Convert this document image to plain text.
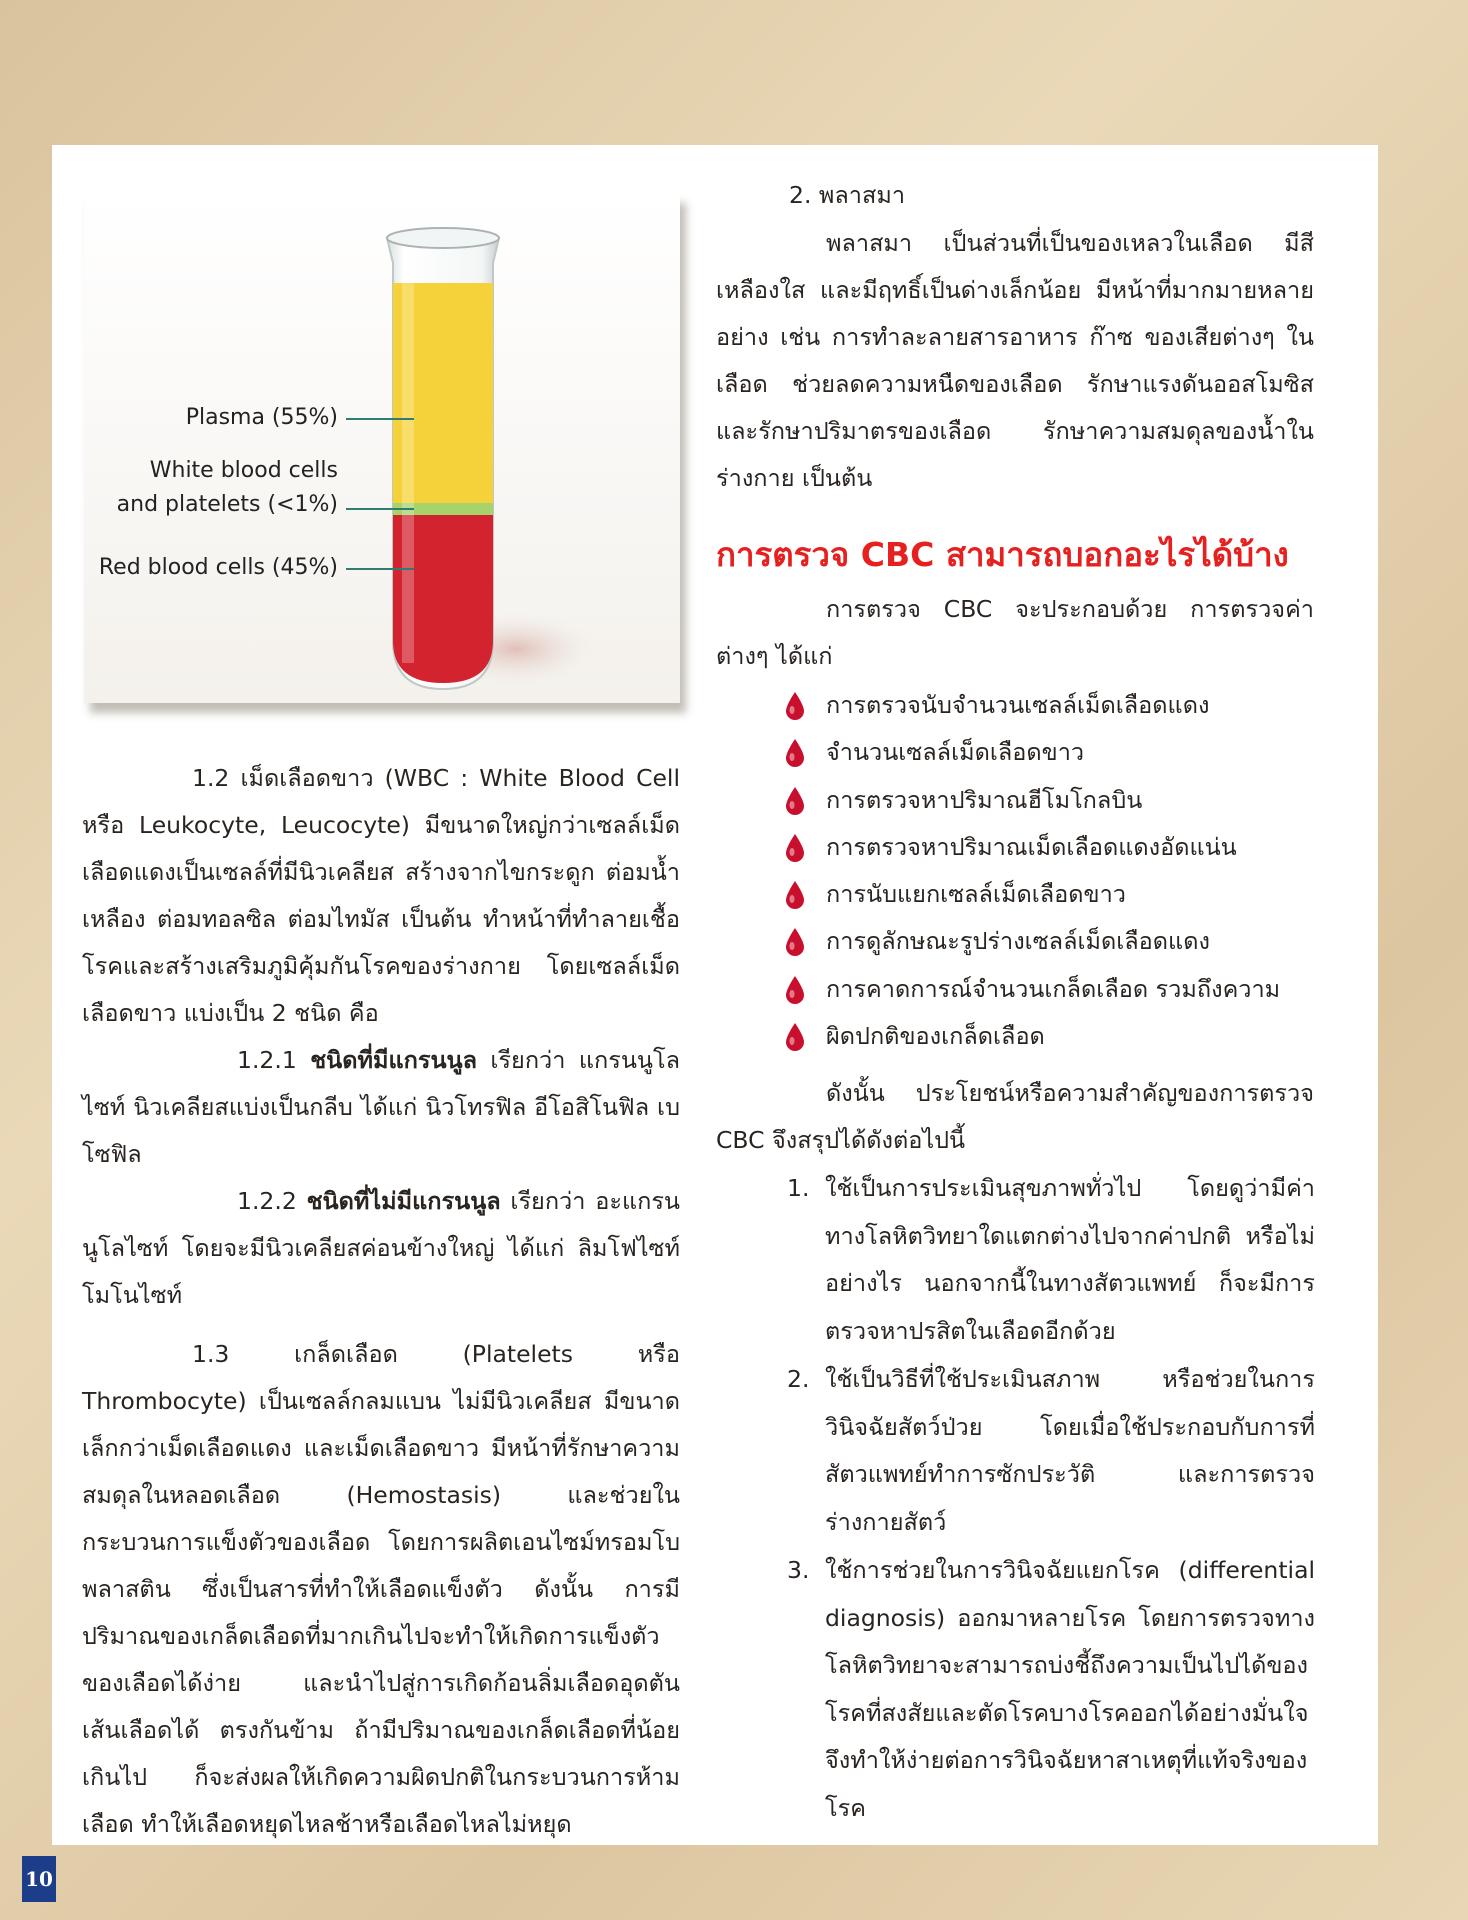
Plasma (55%)
White blood cells
and platelets (<1%)
Red blood cells (45%)

1.2 เม็ดเลือดขาว (WBC : White Blood Cell หรือ Leukocyte, Leucocyte) มีขนาดใหญ่กว่าเซลล์เม็ดเลือดแดงเป็นเซลล์ที่มีนิวเคลียส สร้างจากไขกระดูก ต่อมน้ำเหลือง ต่อมทอลซิล ต่อมไทมัส เป็นต้น ทำหน้าที่ทำลายเชื้อโรคและสร้างเสริมภูมิคุ้มกันโรคของร่างกาย โดยเซลล์เม็ดเลือดขาว แบ่งเป็น 2 ชนิด คือ

1.2.1 ชนิดที่มีแกรนนูล เรียกว่า แกรนนูโลไซท์ นิวเคลียสแบ่งเป็นกลีบ ได้แก่ นิวโทรฟิล อีโอสิโนฟิล เบโซฟิล

1.2.2 ชนิดที่ไม่มีแกรนนูล เรียกว่า อะแกรนนูโลไซท์ โดยจะมีนิวเคลียสค่อนข้างใหญ่ ได้แก่ ลิมโฟไซท์ โมโนไซท์

1.3 เกล็ดเลือด (Platelets หรือ Thrombocyte) เป็นเซลล์กลมแบน ไม่มีนิวเคลียส มีขนาดเล็กกว่าเม็ดเลือดแดง และเม็ดเลือดขาว มีหน้าที่รักษาความสมดุลในหลอดเลือด (Hemostasis) และช่วยในกระบวนการแข็งตัวของเลือด โดยการผลิตเอนไซม์ทรอมโบพลาสติน ซึ่งเป็นสารที่ทำให้เลือดแข็งตัว ดังนั้น การมีปริมาณของเกล็ดเลือดที่มากเกินไปจะทำให้เกิดการแข็งตัวของเลือดได้ง่าย และนำไปสู่การเกิดก้อนลิ่มเลือดอุดตันเส้นเลือดได้ ตรงกันข้าม ถ้ามีปริมาณของเกล็ดเลือดที่น้อยเกินไป ก็จะส่งผลให้เกิดความผิดปกติในกระบวนการห้ามเลือด ทำให้เลือดหยุดไหลช้าหรือเลือดไหลไม่หยุด

2. พลาสมา

พลาสมา เป็นส่วนที่เป็นของเหลวในเลือด มีสีเหลืองใส และมีฤทธิ์เป็นด่างเล็กน้อย มีหน้าที่มากมายหลาย อย่าง เช่น การทำละลายสารอาหาร ก๊าซ ของเสียต่างๆ ในเลือด ช่วยลดความหนืดของเลือด รักษาแรงดันออสโมซิส และรักษาปริมาตรของเลือด รักษาความสมดุลของน้ำในร่างกาย เป็นต้น

การตรวจ CBC สามารถบอกอะไรได้บ้าง

การตรวจ CBC จะประกอบด้วย การตรวจค่าต่างๆ ได้แก่

การตรวจนับจำนวนเซลล์เม็ดเลือดแดง
จำนวนเซลล์เม็ดเลือดขาว
การตรวจหาปริมาณฮีโมโกลบิน
การตรวจหาปริมาณเม็ดเลือดแดงอัดแน่น
การนับแยกเซลล์เม็ดเลือดขาว
การดูลักษณะรูปร่างเซลล์เม็ดเลือดแดง
การคาดการณ์จำนวนเกล็ดเลือด รวมถึงความ
ผิดปกติของเกล็ดเลือด

ดังนั้น ประโยชน์หรือความสำคัญของการตรวจ CBC จึงสรุปได้ดังต่อไปนี้

1. ใช้เป็นการประเมินสุขภาพทั่วไป โดยดูว่ามีค่าทางโลหิตวิทยาใดแตกต่างไปจากค่าปกติ หรือไม่อย่างไร นอกจากนี้ในทางสัตวแพทย์ ก็จะมีการตรวจหาปรสิตในเลือดอีกด้วย
2. ใช้เป็นวิธีที่ใช้ประเมินสภาพ หรือช่วยในการวินิจฉัยสัตว์ป่วย โดยเมื่อใช้ประกอบกับการที่สัตวแพทย์ทำการซักประวัติ และการตรวจร่างกายสัตว์
3. ใช้การช่วยในการวินิจฉัยแยกโรค (differential diagnosis) ออกมาหลายโรค โดยการตรวจทางโลหิตวิทยาจะสามารถบ่งชี้ถึงความเป็นไปได้ของโรคที่สงสัยและตัดโรคบางโรคออกได้อย่างมั่นใจ จึงทำให้ง่ายต่อการวินิจฉัยหาสาเหตุที่แท้จริงของโรค
10
